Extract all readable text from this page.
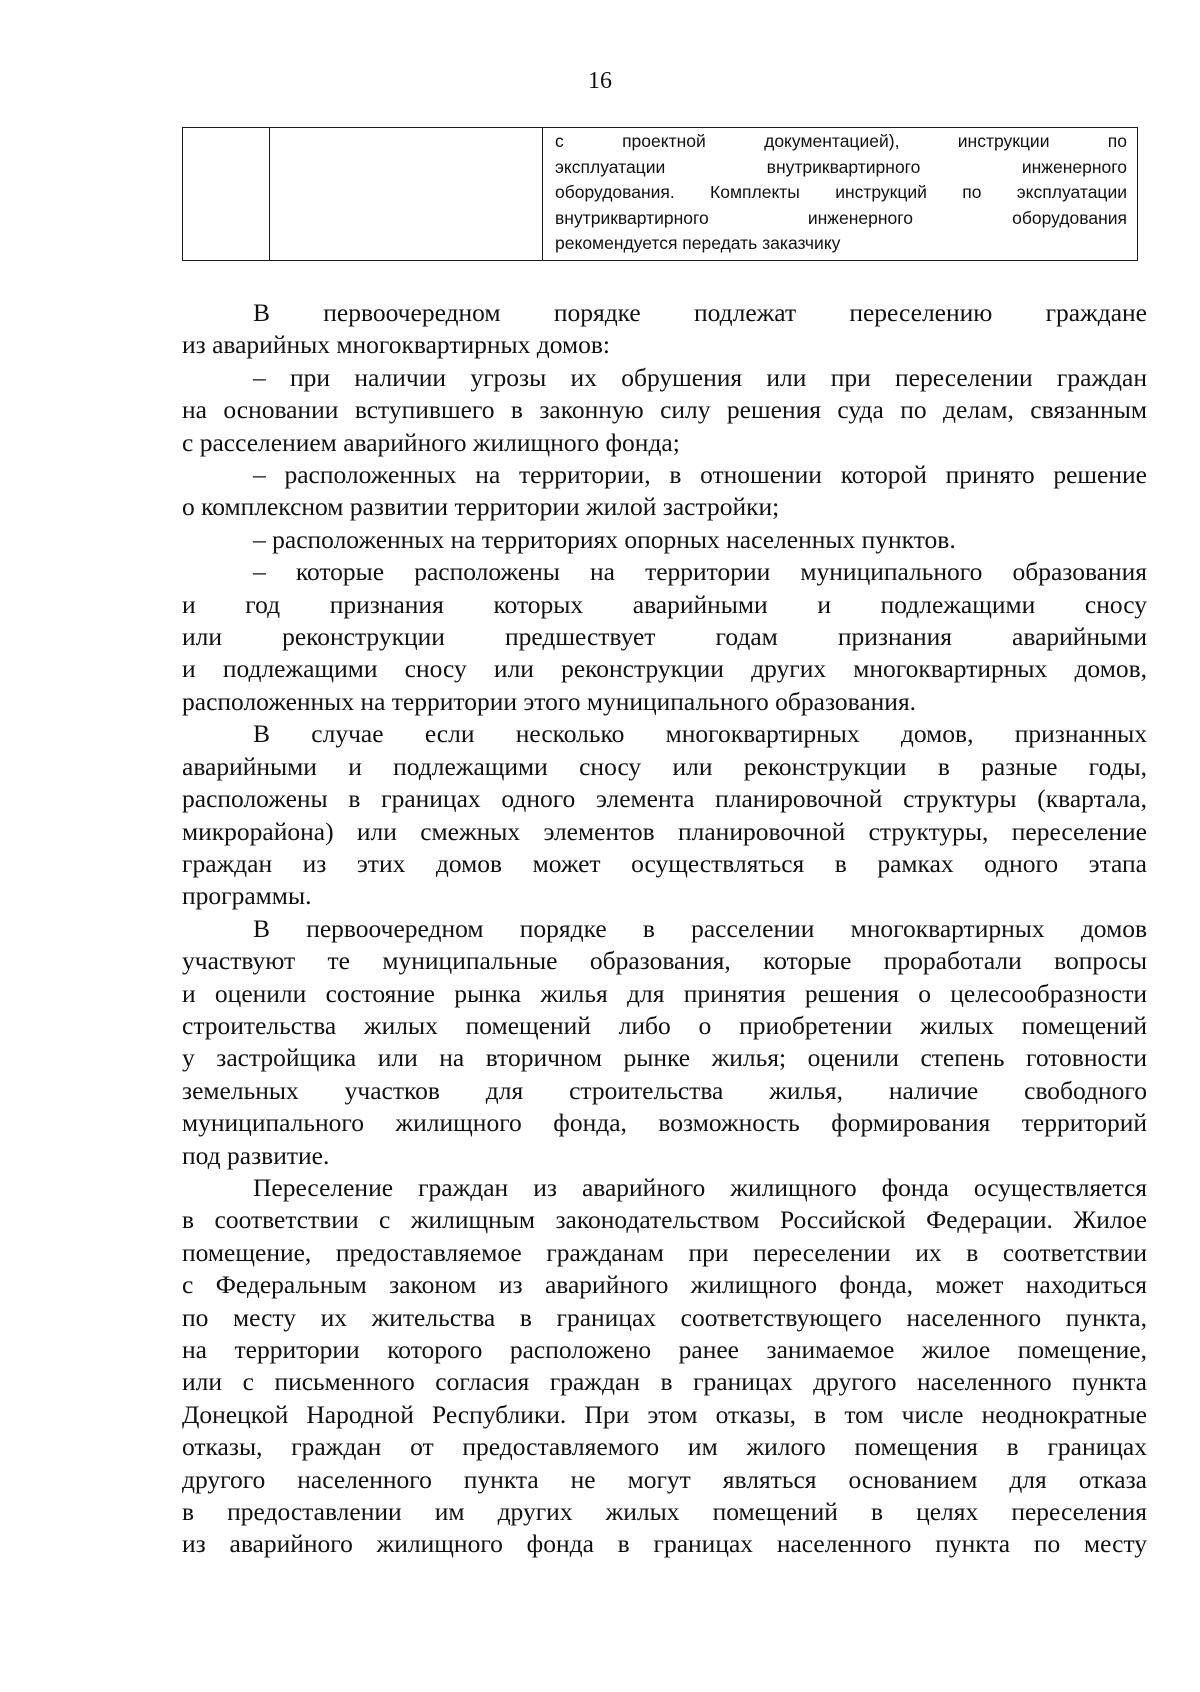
16

с проектной документацией), инструкции по
эксплуатации внутриквартирного инженерного
оборудования. Комплекты инструкций по эксплуатации
внутриквартирного инженерного оборудования
рекомендуется передать заказчику
В первоочередном порядке подлежат переселению граждане
из аварийных многоквартирных домов:
– при наличии угрозы их обрушения или при переселении граждан
на основании вступившего в законную силу решения суда по делам, связанным
с расселением аварийного жилищного фонда;
– расположенных на территории, в отношении которой принято решение
о комплексном развитии территории жилой застройки;
– расположенных на территориях опорных населенных пунктов.
– которые расположены на территории муниципального образования
и год признания которых аварийными и подлежащими сносу
или реконструкции предшествует годам признания аварийными
и подлежащими сносу или реконструкции других многоквартирных домов,
расположенных на территории этого муниципального образования.
В случае если несколько многоквартирных домов, признанных
аварийными и подлежащими сносу или реконструкции в разные годы,
расположены в границах одного элемента планировочной структуры (квартала,
микрорайона) или смежных элементов планировочной структуры, переселение
граждан из этих домов может осуществляться в рамках одного этапа
программы.
В первоочередном порядке в расселении многоквартирных домов
участвуют те муниципальные образования, которые проработали вопросы
и оценили состояние рынка жилья для принятия решения о целесообразности
строительства жилых помещений либо о приобретении жилых помещений
у застройщика или на вторичном рынке жилья; оценили степень готовности
земельных участков для строительства жилья, наличие свободного
муниципального жилищного фонда, возможность формирования территорий
под развитие.
Переселение граждан из аварийного жилищного фонда осуществляется
в соответствии с жилищным законодательством Российской Федерации. Жилое
помещение, предоставляемое гражданам при переселении их в соответствии
с Федеральным законом из аварийного жилищного фонда, может находиться
по месту их жительства в границах соответствующего населенного пункта,
на территории которого расположено ранее занимаемое жилое помещение,
или с письменного согласия граждан в границах другого населенного пункта
Донецкой Народной Республики. При этом отказы, в том числе неоднократные
отказы, граждан от предоставляемого им жилого помещения в границах
другого населенного пункта не могут являться основанием для отказа
в предоставлении им других жилых помещений в целях переселения
из аварийного жилищного фонда в границах населенного пункта по месту
